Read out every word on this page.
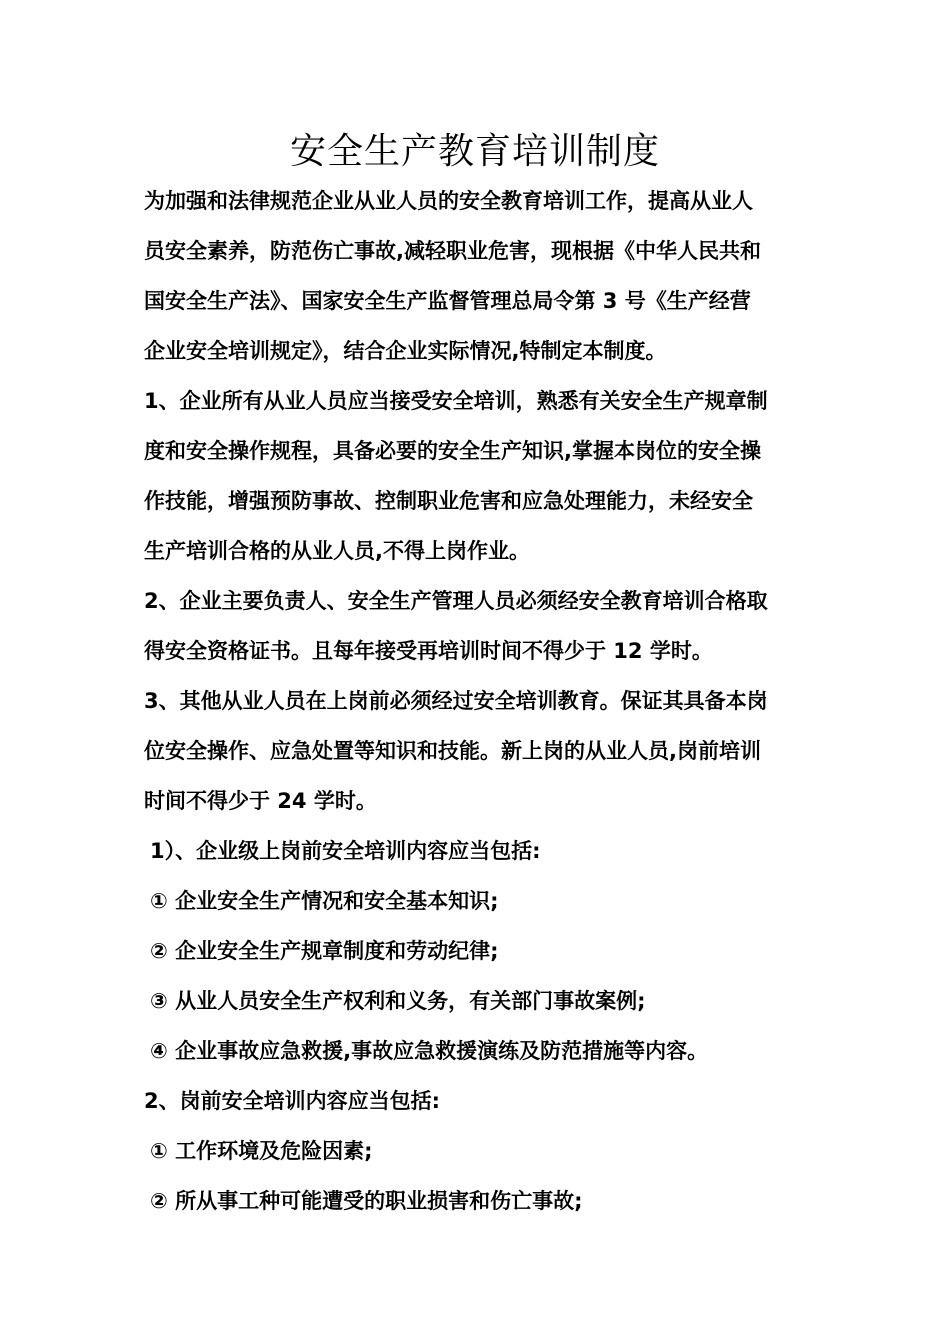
安全生产教育培训制度
为加强和法律规范企业从业人员的安全教育培训工作，提高从业人
员安全素养，防范伤亡事故,减轻职业危害，现根据《中华人民共和
国安全生产法》、国家安全生产监督管理总局令第 3 号《生产经营
企业安全培训规定》，结合企业实际情况,特制定本制度。
1、企业所有从业人员应当接受安全培训，熟悉有关安全生产规章制
度和安全操作规程，具备必要的安全生产知识,掌握本岗位的安全操
作技能，增强预防事故、控制职业危害和应急处理能力，未经安全
生产培训合格的从业人员,不得上岗作业。
2、企业主要负责人、安全生产管理人员必须经安全教育培训合格取
得安全资格证书。且每年接受再培训时间不得少于 12 学时。
3、其他从业人员在上岗前必须经过安全培训教育。保证其具备本岗
位安全操作、应急处置等知识和技能。新上岗的从业人员,岗前培训
时间不得少于 24 学时。
1）、企业级上岗前安全培训内容应当包括:
① 企业安全生产情况和安全基本知识;
② 企业安全生产规章制度和劳动纪律;
③ 从业人员安全生产权利和义务，有关部门事故案例;
④ 企业事故应急救援,事故应急救援演练及防范措施等内容。
2、岗前安全培训内容应当包括:
① 工作环境及危险因素;
② 所从事工种可能遭受的职业损害和伤亡事故;
